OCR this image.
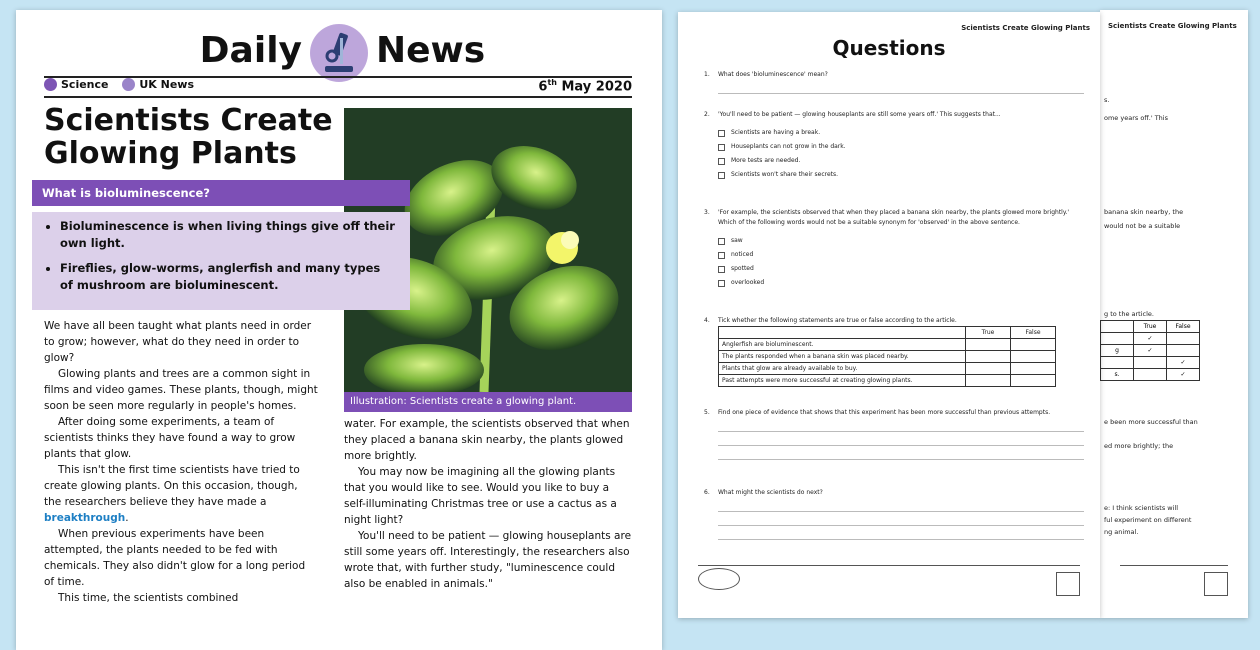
Daily News
Science
	UK News	6th May 2020
Scientists Create Glowing Plants
Illustration: Scientists create a glowing plant.
What is bioluminescence?
• Bioluminescence is when living things give off their own light.
• Fireflies, glow-worms, anglerfish and many types of mushroom are bioluminescent.

We have all been taught what plants need in order to grow; however, what do they need in order to glow?

Glowing plants and trees are a common sight in films and video games. These plants, though, might soon be seen more regularly in people's homes.

After doing some experiments, a team of scientists thinks they have found a way to grow plants that glow.

This isn't the first time scientists have tried to create glowing plants. On this occasion, though, the researchers believe they have made a breakthrough.

When previous experiments have been attempted, the plants needed to be fed with chemicals. They also didn't glow for a long period of time.

This time, the scientists combined

water. For example, the scientists observed that when they placed a banana skin nearby, the plants glowed more brightly.

You may now be imagining all the glowing plants that you would like to see. Would you like to buy a self-illuminating Christmas tree or use a cactus as a night light?

You'll need to be patient — glowing houseplants are still some years off. Interestingly, the researchers also wrote that, with further study, "luminescence could also be enabled in animals."

Scientists Create Glowing Plants
s.
ome years off.' This
banana skin nearby, the
would not be a suitable
g to the article.
	True	False
	✓	
g	✓	
		✓
s.		✓
e been more successful than
ed more brightly; the
e: I think scientists will
ful experiment on different
ng animal.
Scientists Create Glowing Plants
Questions
1. What does 'bioluminescence' mean?
2. 'You'll need to be patient — glowing houseplants are still some years off.' This suggests that...
Scientists are having a break.
Houseplants can not grow in the dark.
More tests are needed.
Scientists won't share their secrets.
3. 'For example, the scientists observed that when they placed a banana skin nearby, the plants glowed more brightly.' Which of the following words would not be a suitable synonym for 'observed' in the above sentence.
saw
noticed
spotted
overlooked
4. Tick whether the following statements are true or false according to the article.
	True	False
Anglerfish are bioluminescent.		
The plants responded when a banana skin was placed nearby.		
Plants that glow are already available to buy.		
Past attempts were more successful at creating glowing plants.		
5. Find one piece of evidence that shows that this experiment has been more successful than previous attempts.
6. What might the scientists do next?
